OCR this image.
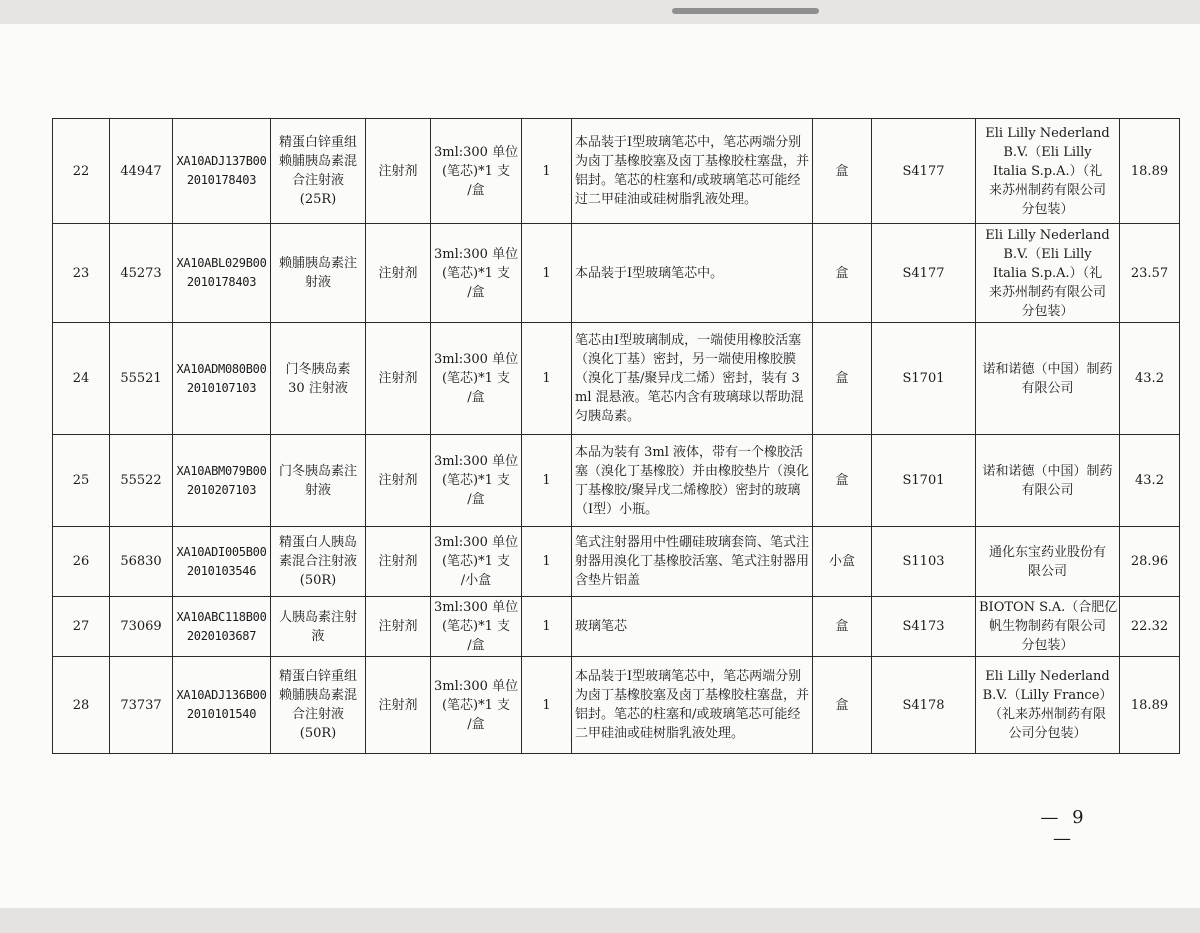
22	44947	XA10ADJ137B00
2010178403	精蛋白锌重组
赖脯胰岛素混
合注射液
(25R)	注射剂	3ml:300 单位
(笔芯)*1 支
/盒	1	本品装于Ⅰ型玻璃笔芯中，笔芯两端分别为卤丁基橡胶塞及卤丁基橡胶柱塞盘，并铝封。笔芯的柱塞和/或玻璃笔芯可能经过二甲硅油或硅树脂乳液处理。	盒	S4177	Eli Lilly Nederland
B.V.（Eli Lilly
Italia S.p.A.）（礼
来苏州制药有限公司
分包装）	18.89
23	45273	XA10ABL029B00
2010178403	赖脯胰岛素注
射液	注射剂	3ml:300 单位
(笔芯)*1 支
/盒	1	本品装于Ⅰ型玻璃笔芯中。	盒	S4177	Eli Lilly Nederland
B.V.（Eli Lilly
Italia S.p.A.）（礼
来苏州制药有限公司
分包装）	23.57
24	55521	XA10ADM080B00
2010107103	门冬胰岛素
30 注射液	注射剂	3ml:300 单位
(笔芯)*1 支
/盒	1	笔芯由Ⅰ型玻璃制成，一端使用橡胶活塞（溴化丁基）密封，另一端使用橡胶膜（溴化丁基/聚异戊二烯）密封，装有 3ml 混悬液。笔芯内含有玻璃球以帮助混匀胰岛素。	盒	S1701	诺和诺德（中国）制药
有限公司	43.2
25	55522	XA10ABM079B00
2010207103	门冬胰岛素注
射液	注射剂	3ml:300 单位
(笔芯)*1 支
/盒	1	本品为装有 3ml 液体，带有一个橡胶活塞（溴化丁基橡胶）并由橡胶垫片（溴化丁基橡胶/聚异戊二烯橡胶）密封的玻璃（Ⅰ型）小瓶。	盒	S1701	诺和诺德（中国）制药
有限公司	43.2
26	56830	XA10ADI005B00
2010103546	精蛋白人胰岛
素混合注射液
(50R)	注射剂	3ml:300 单位
(笔芯)*1 支
/小盒	1	笔式注射器用中性硼硅玻璃套筒、笔式注射器用溴化丁基橡胶活塞、笔式注射器用含垫片铝盖	小盒	S1103	通化东宝药业股份有
限公司	28.96
27	73069	XA10ABC118B00
2020103687	人胰岛素注射
液	注射剂	3ml:300 单位
(笔芯)*1 支
/盒	1	玻璃笔芯	盒	S4173	BIOTON S.A.（合肥亿
帆生物制药有限公司
分包装）	22.32
28	73737	XA10ADJ136B00
2010101540	精蛋白锌重组
赖脯胰岛素混
合注射液
(50R)	注射剂	3ml:300 单位
(笔芯)*1 支
/盒	1	本品装于Ⅰ型玻璃笔芯中，笔芯两端分别为卤丁基橡胶塞及卤丁基橡胶柱塞盘，并铝封。笔芯的柱塞和/或玻璃笔芯可能经二甲硅油或硅树脂乳液处理。	盒	S4178	Eli Lilly Nederland
B.V.（Lilly France）
（礼来苏州制药有限
公司分包装）	18.89
— 9 —
